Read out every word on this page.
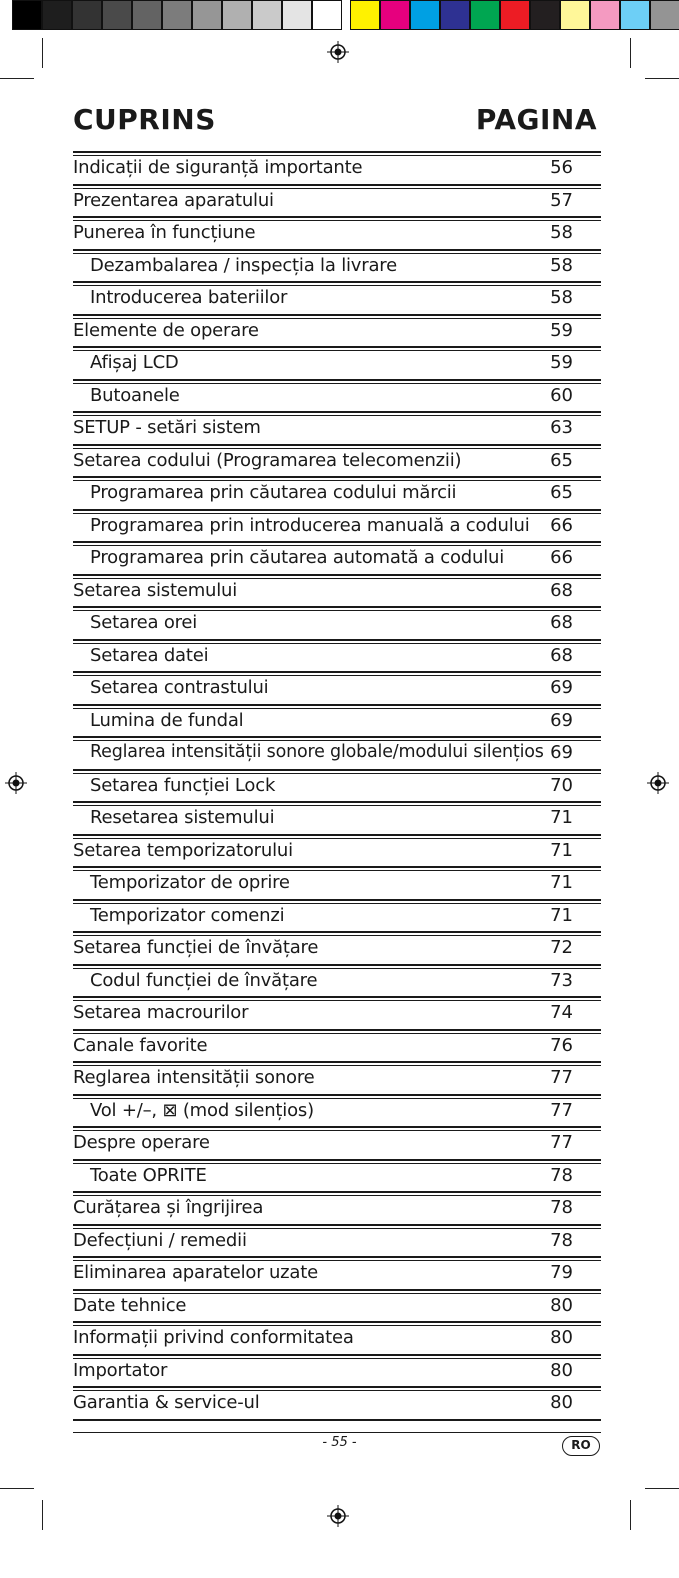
CUPRINS	PAGINA
Indicații de siguranță importante	56
Prezentarea aparatului	57
Punerea în funcțiune	58
Dezambalarea / inspecția la livrare	58
Introducerea bateriilor	58
Elemente de operare	59
Afișaj LCD	59
Butoanele	60
SETUP - setări sistem	63
Setarea codului (Programarea telecomenzii)	65
Programarea prin căutarea codului mărcii	65
Programarea prin introducerea manuală a codului 66
Programarea prin căutarea automată a codului	66
Setarea sistemului	68
Setarea orei	68
Setarea datei	68
Setarea contrastului	69
Lumina de fundal	69
Reglarea intensității sonore globale/modului silențios 69
Setarea funcției Lock	70
Resetarea sistemului	71
Setarea temporizatorului	71
Temporizator de oprire	71
Temporizator comenzi	71
Setarea funcției de învățare	72
Codul funcției de învățare	73
Setarea macrourilor	74
Canale favorite	76
Reglarea intensității sonore	77
Vol +/–, ⊠ (mod silențios)	77
Despre operare	77
Toate OPRITE	78
Curățarea și îngrijirea	78
Defecțiuni / remedii	78
Eliminarea aparatelor uzate	79
Date tehnice	80
Informații privind conformitatea	80
Importator	80
Garantia & service-ul	80
- 55 -	RO
